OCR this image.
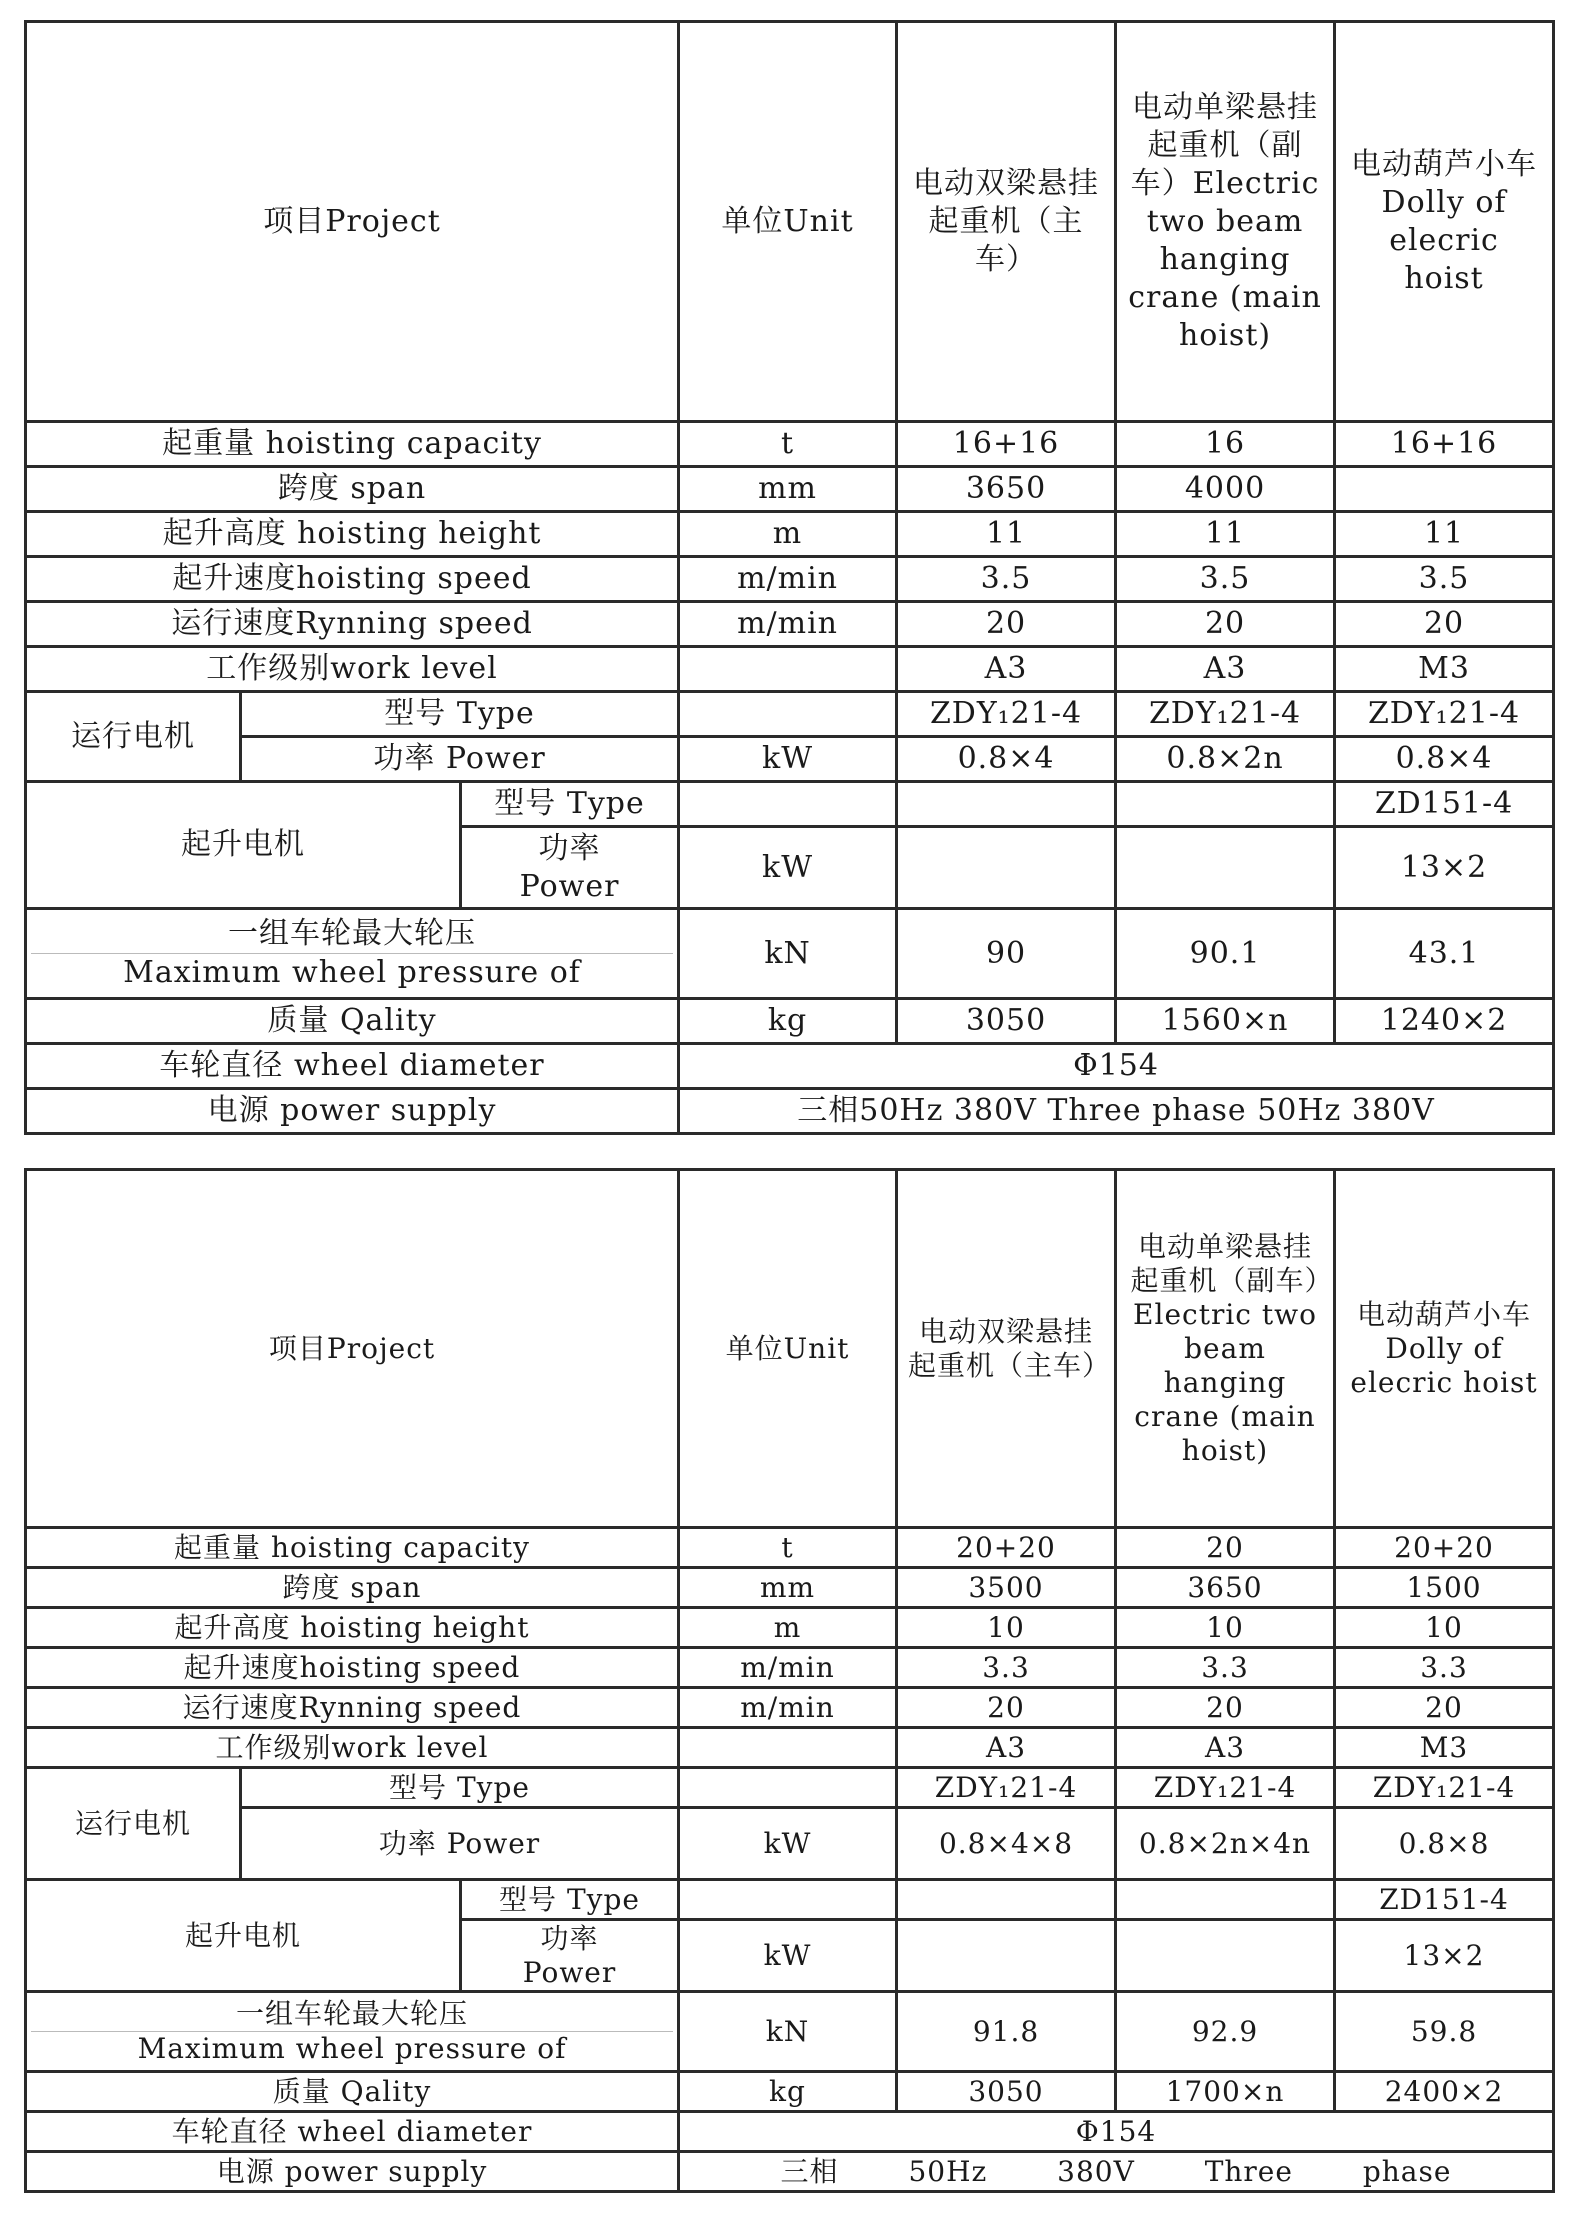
项目Project			单位Unit	电动双梁悬挂起重机（主车）	电动单梁悬挂起重机（副车）Electric two beam hanging crane (main hoist)	电动葫芦小车Dolly of elecric hoist
起重量 hoisting capacity			t	16+16	16	16+16
跨度 span			mm	3650	4000	
起升高度 hoisting height			m	11	11	11
起升速度hoisting speed			m/min	3.5	3.5	3.5
运行速度Rynning speed			m/min	20	20	20
工作级别work level				A3	A3	M3
运行电机	型号 Type			ZDY₁21-4	ZDY₁21-4	ZDY₁21-4
	功率 Power		kW	0.8×4	0.8×2n	0.8×4
起升电机		型号 Type				ZD151-4
		功率 Power	kW			13×2

一组车轮最大轮压
Maximum wheel pressure of			kN	90	90.1	43.1
质量 Qality			kg	3050	1560×n	1240×2
车轮直径 wheel diameter			Φ154			
电源 power supply			三相50Hz 380V Three phase 50Hz 380V			
项目Project			单位Unit	电动双梁悬挂起重机（主车）	电动单梁悬挂起重机（副车）Electric two beam hanging crane (main hoist)	电动葫芦小车Dolly of elecric hoist
起重量 hoisting capacity			t	20+20	20	20+20
跨度 span			mm	3500	3650	1500
起升高度 hoisting height			m	10	10	10
起升速度hoisting speed			m/min	3.3	3.3	3.3
运行速度Rynning speed			m/min	20	20	20
工作级别work level				A3	A3	M3
运行电机	型号 Type			ZDY₁21-4	ZDY₁21-4	ZDY₁21-4
	功率 Power		kW	0.8×4×8	0.8×2n×4n	0.8×8
起升电机		型号 Type				ZD151-4
		功率 Power	kW			13×2

一组车轮最大轮压
Maximum wheel pressure of			kN	91.8	92.9	59.8
质量 Qality			kg	3050	1700×n	2400×2
车轮直径 wheel diameter			Φ154			
电源 power supply			三相 50Hz 380V Three phase			
